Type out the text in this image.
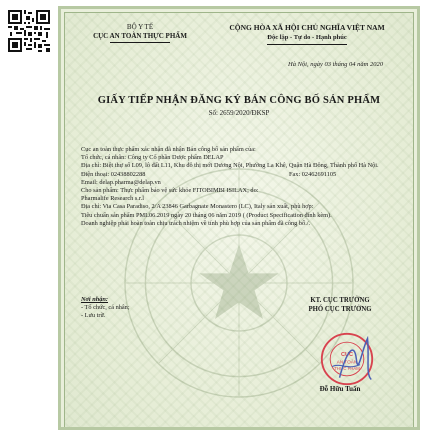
BỘ Y TẾ
CỤC AN TOÀN THỰC PHẨM
CỘNG HÒA XÃ HỘI CHỦ NGHĨA VIỆT NAM
Độc lập - Tự do - Hạnh phúc
Hà Nội, ngày 03 tháng 04 năm 2020
GIẤY TIẾP NHẬN ĐĂNG KÝ BẢN CÔNG BỐ SẢN PHẨM
Số: 2659/2020/ĐKSP

Cục an toàn thực phẩm xác nhận đã nhận Bản công bố sản phẩm của:

Tổ chức, cá nhân: Công ty Cổ phần Dược phẩm DELAP

Địa chỉ: Biệt thự số L09, lô đất L11, Khu đô thị mới Dương Nội, Phường La Khê, Quận Hà Đông, Thành phố Hà Nội.

Điện thoại: 02438802288	Fax: 02462691105

Email: delap.pharma@delap.vn

Cho sản phẩm: Thực phẩm bảo vệ sức khỏe FITOBIMBI ISILAX; do:

Pharmalife Research s.r.l

Địa chỉ: Via Casa Paradiso, 2/A 23846 Garbagnate Monastero (LC), Italy sản xuất, phù hợp:

Tiêu chuẩn sản phẩm PML06.2019 ngày 20 tháng 06 năm 2019 ( (Product Specification đính kèm).

Doanh nghiệp phải hoàn toàn chịu trách nhiệm về tính phù hợp của sản phẩm đã công bố./.

Nơi nhận:
- Tổ chức, cá nhân;
- Lưu trữ.
KT. CỤC TRƯỞNG
PHÓ CỤC TRƯỞNG
CỤC
AN TOÀN
THỰC PHẨM
Đỗ Hữu Tuấn
